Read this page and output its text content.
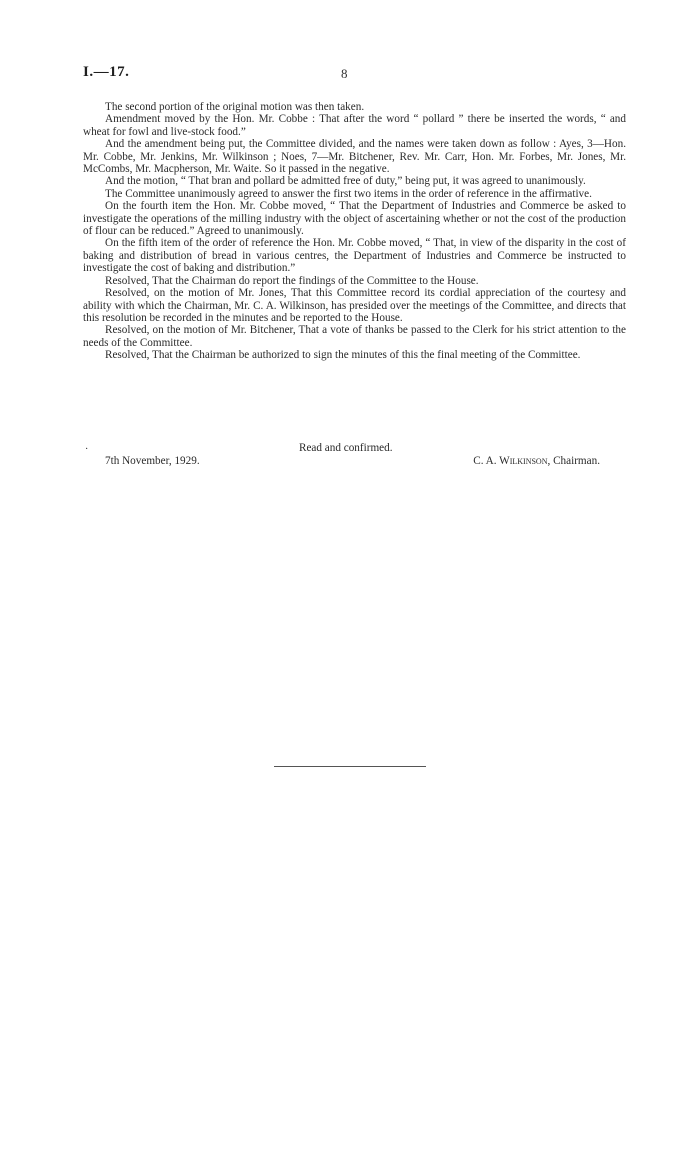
I.—17.	8

The second portion of the original motion was then taken.

Amendment moved by the Hon. Mr. Cobbe : That after the word “ pollard ” there be inserted the words, “ and wheat for fowl and live-stock food.”

And the amendment being put, the Committee divided, and the names were taken down as follow : Ayes, 3—Hon. Mr. Cobbe, Mr. Jenkins, Mr. Wilkinson ; Noes, 7—Mr. Bitchener, Rev. Mr. Carr, Hon. Mr. Forbes, Mr. Jones, Mr. McCombs, Mr. Macpherson, Mr. Waite. So it passed in the negative.

And the motion, “ That bran and pollard be admitted free of duty,” being put, it was agreed to unanimously.

The Committee unanimously agreed to answer the first two items in the order of reference in the affirmative.

On the fourth item the Hon. Mr. Cobbe moved, “ That the Department of Industries and Commerce be asked to investigate the operations of the milling industry with the object of ascertaining whether or not the cost of the production of flour can be reduced.” Agreed to unanimously.

On the fifth item of the order of reference the Hon. Mr. Cobbe moved, “ That, in view of the disparity in the cost of baking and distribution of bread in various centres, the Department of Industries and Commerce be instructed to investigate the cost of baking and distribution.”

Resolved, That the Chairman do report the findings of the Committee to the House.

Resolved, on the motion of Mr. Jones, That this Committee record its cordial appreciation of the courtesy and ability with which the Chairman, Mr. C. A. Wilkinson, has presided over the meetings of the Committee, and directs that this resolution be recorded in the minutes and be reported to the House.

Resolved, on the motion of Mr. Bitchener, That a vote of thanks be passed to the Clerk for his strict attention to the needs of the Committee.

Resolved, That the Chairman be authorized to sign the minutes of this the final meeting of the Committee.

·	Read and confirmed.
7th November, 1929.	C. A. Wilkinson, Chairman.
